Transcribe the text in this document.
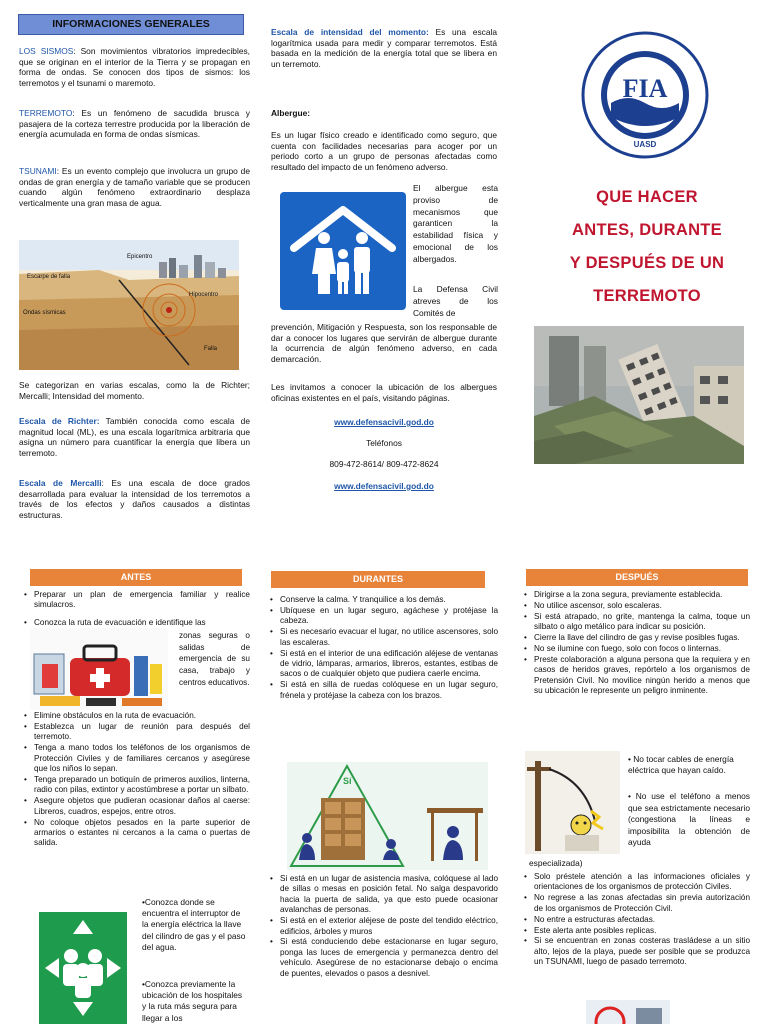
INFORMACIONES GENERALES

LOS SISMOS: Son movimientos vibratorios impredecibles, que se originan en el interior de la Tierra y se propagan en forma de ondas. Se conocen dos tipos de sismos: los terremotos y el tsunami o maremoto.

TERREMOTO: Es un fenómeno de sacudida brusca y pasajera de la corteza terrestre producida por la liberación de energía acumulada en forma de ondas sísmicas.

TSUNAMI: Es un evento complejo que involucra un grupo de ondas de gran energía y de tamaño variable que se producen cuando algún fenómeno extraordinario desplaza verticalmente una gran masa de agua.

Epicentro
Escarpe de falla
Hipocentro
Ondas sísmicas
Falla

Se categorizan en varias escalas, como la de Richter; Mercalli; Intensidad del momento.

Escala de Richter: También conocida como escala de magnitud local (ML), es una escala logarítmica arbitraria que asigna un número para cuantificar la energía que libera un terremoto.

Escala de Mercalli: Es una escala de doce grados desarrollada para evaluar la intensidad de los terremotos a través de los efectos y daños causados a distintas estructuras.

Escala de intensidad del momento: Es una escala logarítmica usada para medir y comparar terremotos. Está basada en la medición de la energía total que se libera en un terremoto.

Albergue:

Es un lugar físico creado e identificado como seguro, que cuenta con facilidades necesarias para acoger por un periodo corto a un grupo de personas afectadas como resultado del impacto de un fenómeno adverso.

El albergue esta proviso de mecanismos que garanticen la estabilidad física y emocional de los albergados.

La Defensa Civil atreves de los Comités de

prevención, Mitigación y Respuesta, son los responsable de dar a conocer los lugares que servirán de albergue durante la ocurrencia de algún fenómeno adverso, en cada demarcación.

Les invitamos a conocer la ubicación de los albergues oficinas existentes en el país, visitando páginas.

www.defensacivil.god.do
Teléfonos
809-472-8614/ 809-472-8624
www.defensacivil.god.do
FIA
UASD
QUE HACER
ANTES, DURANTE
Y DESPUÉS DE UN
TERREMOTO
ANTES
• Preparar un plan de emergencia familiar y realice simulacros.
• Conozca la ruta de evacuación e identifique las
zonas seguras o salidas de emergencia de su casa, trabajo y centros educativos.
• Elimine obstáculos en la ruta de evacuación.
• Establezca un lugar de reunión para después del terremoto.
• Tenga a mano todos los teléfonos de los organismos de Protección Civiles y de familiares cercanos y asegúrese que los niños lo sepan.
• Tenga preparado un botiquín de primeros auxilios, linterna, radio con pilas, extintor y acostúmbrese a portar un silbato.
• Asegure objetos que pudieran ocasionar daños al caerse: Libreros, cuadros, espejos, entre otros.
• No coloque objetos pesados en la parte superior de armarios o estantes ni cercanos a la cama o puertas de salida.

•Conozca donde se encuentra el interruptor de la energía eléctrica la llave del cilindro de gas y el paso del agua.

•Conozca previamente la ubicación de los hospitales y la ruta más segura para llegar a los

DURANTES
• Conserve la calma. Y tranquilice a los demás.
• Ubíquese en un lugar seguro, agáchese y protéjase la cabeza.
• Si es necesario evacuar el lugar, no utilice ascensores, solo las escaleras.
• Si está en el interior de una edificación aléjese de ventanas de vidrio, lámparas, armarios, libreros, estantes, estibas de sacos o de cualquier objeto que pudiera caerle encima.
• Si está en silla de ruedas colóquese en un lugar seguro, frénela y protéjase la cabeza con los brazos.
Sí
• Si está en un lugar de asistencia masiva, colóquese al lado de sillas o mesas en posición fetal. No salga despavorido hacia la puerta de salida, ya que esto puede ocasionar avalanchas de personas.
• Si está en el exterior aléjese de poste del tendido eléctrico, edificios, árboles y muros
• Si está conduciendo debe estacionarse en lugar seguro, ponga las luces de emergencia y permanezca dentro del vehículo. Asegúrese de no estacionarse debajo o encima de puentes, elevados o pasos a desnivel.
DESPUÉS
• Dirigirse a la zona segura, previamente establecida.
• No utilice ascensor, solo escaleras.
• Si está atrapado, no grite, mantenga la calma, toque un silbato o algo metálico para indicar su posición.
• Cierre la llave del cilindro de gas y revise posibles fugas.
• No se ilumine con fuego, solo con focos o linternas.
• Preste colaboración a alguna persona que la requiera y en casos de heridos graves, repórtelo a los organismos de Pretensión Civil. No movilice ningún herido a menos que su ubicación le represente un peligro inminente.

• No tocar cables de energía eléctrica que hayan caído.

• No use el teléfono a menos que sea estrictamente necesario (congestiona la líneas e imposibilita la obtención de ayuda

especializada)

• Solo préstele atención a las informaciones oficiales y orientaciones de los organismos de protección Civiles.
• No regrese a las zonas afectadas sin previa autorización de los organismos de Protección Civil.
• No entre a estructuras afectadas.
• Este alerta ante posibles replicas.
• Si se encuentran en zonas costeras trasládese a un sitio alto, lejos de la playa, puede ser posible que se produzca un TSUNAMI, luego de pasado terremoto.
